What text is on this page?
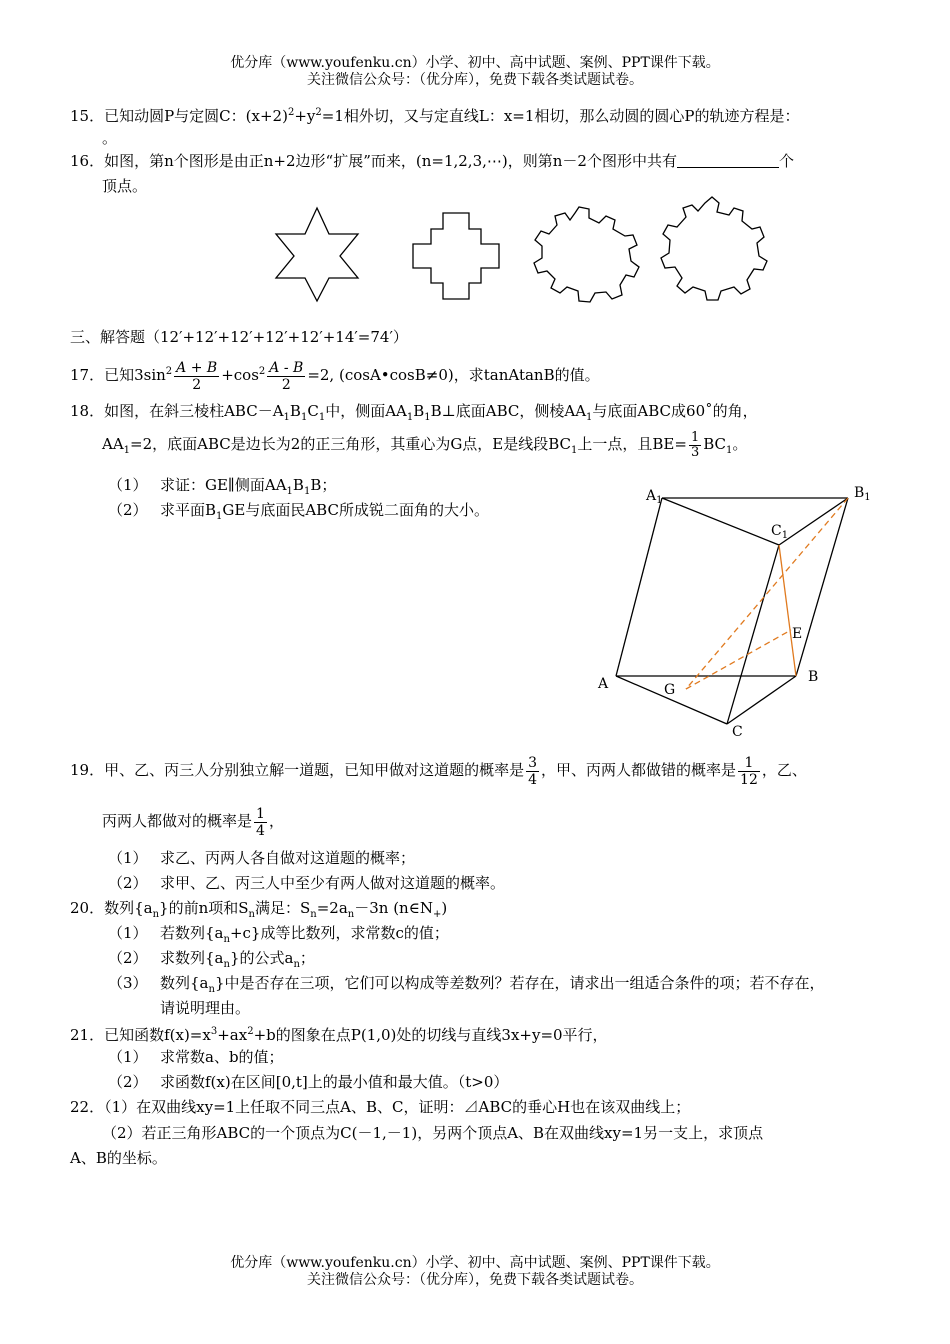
优分库（www.youfenku.cn）小学、初中、高中试题、案例、PPT课件下载。
关注微信公众号：（优分库），免费下载各类试题试卷。
15．已知动圆P与定圆C：$(x+2)^2+y^2=1$相外切，又与定直线L：x=1相切，那么动圆的圆心P的轨迹方程是：
。
16．如图，第n个图形是由正n+2边形“扩展”而来，(n=1,2,3,⋯)，则第n－2个图形中共有	个
顶点。
三、解答题（12′+12′+12′+12′+12′+14′=74′）
17．已知$3\sin^2 \frac{A + B}{2} +\cos^2 \frac{A - B}{2} =2$, (cosA•cosB≠0)，求tanAtanB的值。
18．如图，在斜三棱柱$ABC-A_1B_1C_1$中，侧面$AA_1B_1B\perp$底面ABC，侧棱$AA_1$与底面ABC成60˚的角，
$AA_1=2$，底面ABC是边长为2的正三角形，其重心为G点，E是线段$BC_1$上一点，且$BE= \frac{1}{3} BC_1$。
（1） 求证：GE∥侧面$AA_1B_1B$；
（2） 求平面$B_1GE$与底面民ABC所成锐二面角的大小。
$A_1$	$B_1$
$C_1$
E
A	G
B
C
19．甲、乙、丙三人分别独立解一道题，已知甲做对这道题的概率是 $\frac{3}{4}$ ，甲、丙两人都做错的概率是 $\frac{1}{12}$ ，乙、
丙两人都做对的概率是 $\frac{1}{4}$ ，
（1） 求乙、丙两人各自做对这道题的概率；
（2） 求甲、乙、丙三人中至少有两人做对这道题的概率。
20．数列$\{a_n\}$的前n项和$S_n$满足：$S_n=2a_n-3n$ $(n\in N_+)$
（1） 若数列$\{a_n+c\}$成等比数列，求常数c的值；
（2） 求数列$\{a_n\}$的公式$a_n$；
（3） 数列$\{a_n\}$中是否存在三项，它们可以构成等差数列？若存在，请求出一组适合条件的项；若不存在，
请说明理由。
21．已知函数$f(x)=x^3+ax^2+b$的图象在点P(1,0)处的切线与直线3x+y=0平行，
（1） 求常数a、b的值；
（2） 求函数f(x)在区间[0,t]上的最小值和最大值。（t>0）
22．（1）在双曲线xy=1上任取不同三点A、B、C，证明：⊿ABC的垂心H也在该双曲线上；
（2）若正三角形ABC的一个顶点为C(－1,－1)，另两个顶点A、B在双曲线xy=1另一支上，求顶点
A、B的坐标。
优分库（www.youfenku.cn）小学、初中、高中试题、案例、PPT课件下载。
关注微信公众号：（优分库），免费下载各类试题试卷。
